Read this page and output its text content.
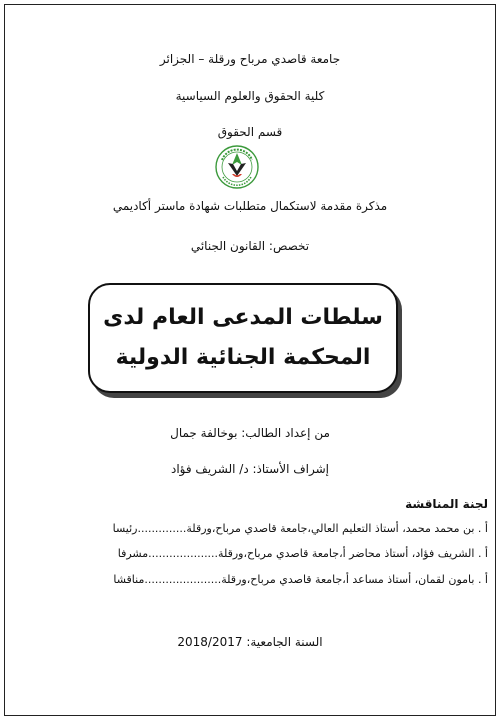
جامعة قاصدي مرباح ورقلة – الجزائر
كلية الحقوق والعلوم السياسية
قسم الحقوق
مذكرة مقدمة لاستكمال متطلبات شهادة ماستر أكاديمي
تخصص: القانون الجنائي
سلطات المدعى العام لدى
المحكمة الجنائية الدولية
من إعداد الطالب: بوخالفة جمال
إشراف الأستاذ: د/ الشريف فؤاد
لجنة المناقشة
أ . بن محمد محمد، أستاذ التعليم العالي،جامعة قاصدي مرباح،ورقلة..............رئيسا
أ . الشريف فؤاد، أستاذ محاضر أ،جامعة قاصدي مرباح،ورقلة....................مشرفا
أ . بامون لقمان، أستاذ مساعد أ،جامعة قاصدي مرباح،ورقلة......................مناقشا
السنة الجامعية: 2018/2017
